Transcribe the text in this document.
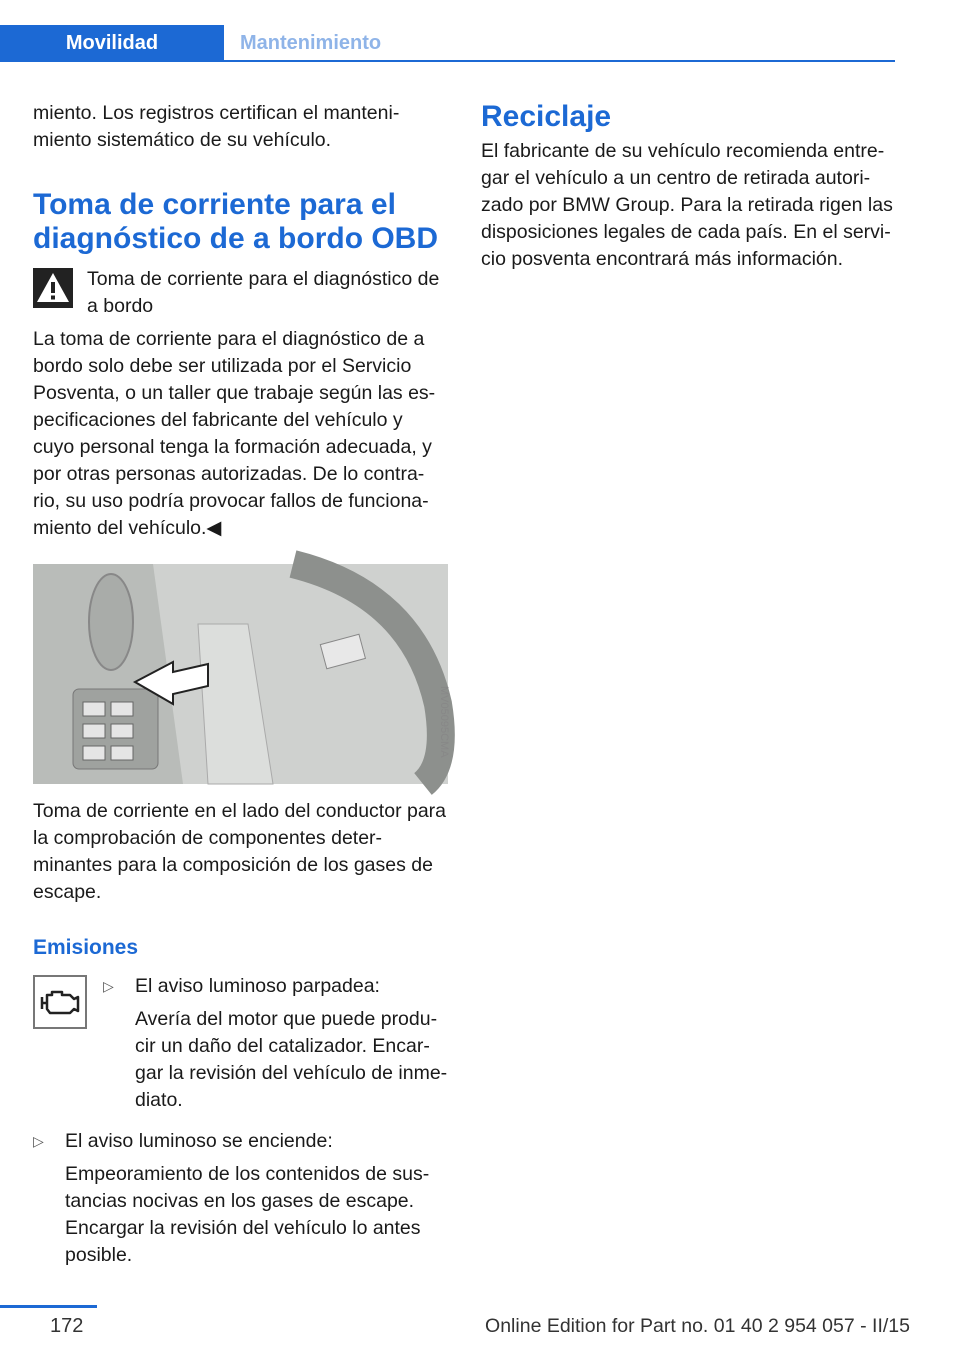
Movilidad	Mantenimiento

miento. Los registros certifican el manteni-miento sistemático de su vehículo.

Toma de corriente para el diagnóstico de a bordo OBD

Toma de corriente para el diagnóstico de a bordo

La toma de corriente para el diagnóstico de a bordo solo debe ser utilizada por el Servicio Posventa, o un taller que trabaje según las es-pecificaciones del fabricante del vehículo y cuyo personal tenga la formación adecuada, y por otras personas autorizadas. De lo contra-rio, su uso podría provocar fallos de funciona-miento del vehículo.◀

MV05095CMA

Toma de corriente en el lado del conductor para la comprobación de componentes deter-minantes para la composición de los gases de escape.

Emisiones
▷	El aviso luminoso parpadea:
Avería del motor que puede produ-cir un daño del catalizador. Encar-gar la revisión del vehículo de inme-diato.
▷	El aviso luminoso se enciende:
Empeoramiento de los contenidos de sus-tancias nocivas en los gases de escape. Encargar la revisión del vehículo lo antes posible.
Reciclaje

El fabricante de su vehículo recomienda entre-gar el vehículo a un centro de retirada autori-zado por BMW Group. Para la retirada rigen las disposiciones legales de cada país. En el servi-cio posventa encontrará más información.

172	Online Edition for Part no. 01 40 2 954 057 - II/15
